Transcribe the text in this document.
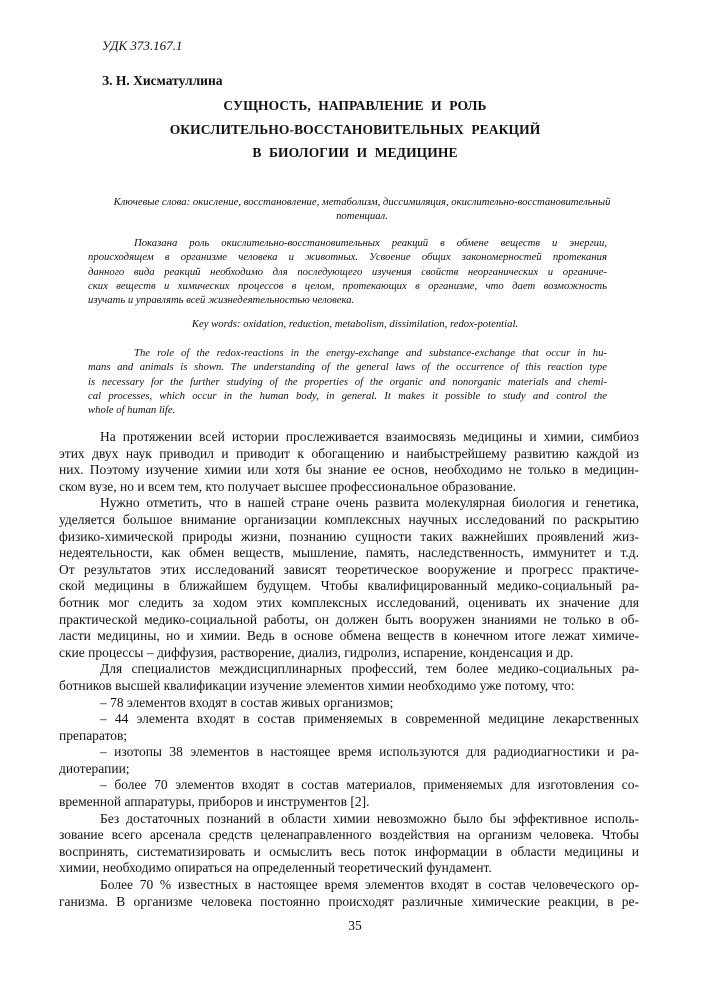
УДК 373.167.1
З. Н. Хисматуллина
СУЩНОСТЬ, НАПРАВЛЕНИЕ И РОЛЬ
ОКИСЛИТЕЛЬНО-ВОССТАНОВИТЕЛЬНЫХ РЕАКЦИЙ
В БИОЛОГИИ И МЕДИЦИНЕ
Ключевые слова: окисление, восстановление, метаболизм, диссимиляция, окислительно-восстановительный
потенциал.
Показана роль окислительно-восстановительных реакций в обмене веществ и энергии,
происходящем в организме человека и животных. Усвоение общих закономерностей протекания
данного вида реакций необходимо для последующего изучения свойств неорганических и органиче-
ских веществ и химических процессов в целом, протекающих в организме, что дает возможность
изучать и управлять всей жизнедеятельностью человека.
Key words: oxidation, reduction, metabolism, dissimilation, redox-potential.
The role of the redox-reactions in the energy-exchange and substance-exchange that occur in hu-
mans and animals is shown. The understanding of the general laws of the occurrence of this reaction type
is necessary for the further studying of the properties of the organic and nonorganic materials and chemi-
cal processes, which occur in the human body, in general. It makes it possible to study and control the
whole of human life.
На протяжении всей истории прослеживается взаимосвязь медицины и химии, симбиоз
этих двух наук приводил и приводит к обогащению и наибыстрейшему развитию каждой из
них. Поэтому изучение химии или хотя бы знание ее основ, необходимо не только в медицин-
ском вузе, но и всем тем, кто получает высшее профессиональное образование.
Нужно отметить, что в нашей стране очень развита молекулярная биология и генетика,
уделяется большое внимание организации комплексных научных исследований по раскрытию
физико-химической природы жизни, познанию сущности таких важнейших проявлений жиз-
недеятельности, как обмен веществ, мышление, память, наследственность, иммунитет и т.д.
От результатов этих исследований зависят теоретическое вооружение и прогресс практиче-
ской медицины в ближайшем будущем. Чтобы квалифицированный медико-социальный ра-
ботник мог следить за ходом этих комплексных исследований, оценивать их значение для
практической медико-социальной работы, он должен быть вооружен знаниями не только в об-
ласти медицины, но и химии. Ведь в основе обмена веществ в конечном итоге лежат химиче-
ские процессы – диффузия, растворение, диализ, гидролиз, испарение, конденсация и др.
Для специалистов междисциплинарных профессий, тем более медико-социальных ра-
ботников высшей квалификации изучение элементов химии необходимо уже потому, что:
– 78 элементов входят в состав живых организмов;
– 44 элемента входят в состав применяемых в современной медицине лекарственных
препаратов;
– изотопы 38 элементов в настоящее время используются для радиодиагностики и ра-
диотерапии;
– более 70 элементов входят в состав материалов, применяемых для изготовления со-
временной аппаратуры, приборов и инструментов [2].
Без достаточных познаний в области химии невозможно было бы эффективное исполь-
зование всего арсенала средств целенаправленного воздействия на организм человека. Чтобы
воспринять, систематизировать и осмыслить весь поток информации в области медицины и
химии, необходимо опираться на определенный теоретический фундамент.
Более 70 % известных в настоящее время элементов входят в состав человеческого ор-
ганизма. В организме человека постоянно происходят различные химические реакции, в ре-
35
